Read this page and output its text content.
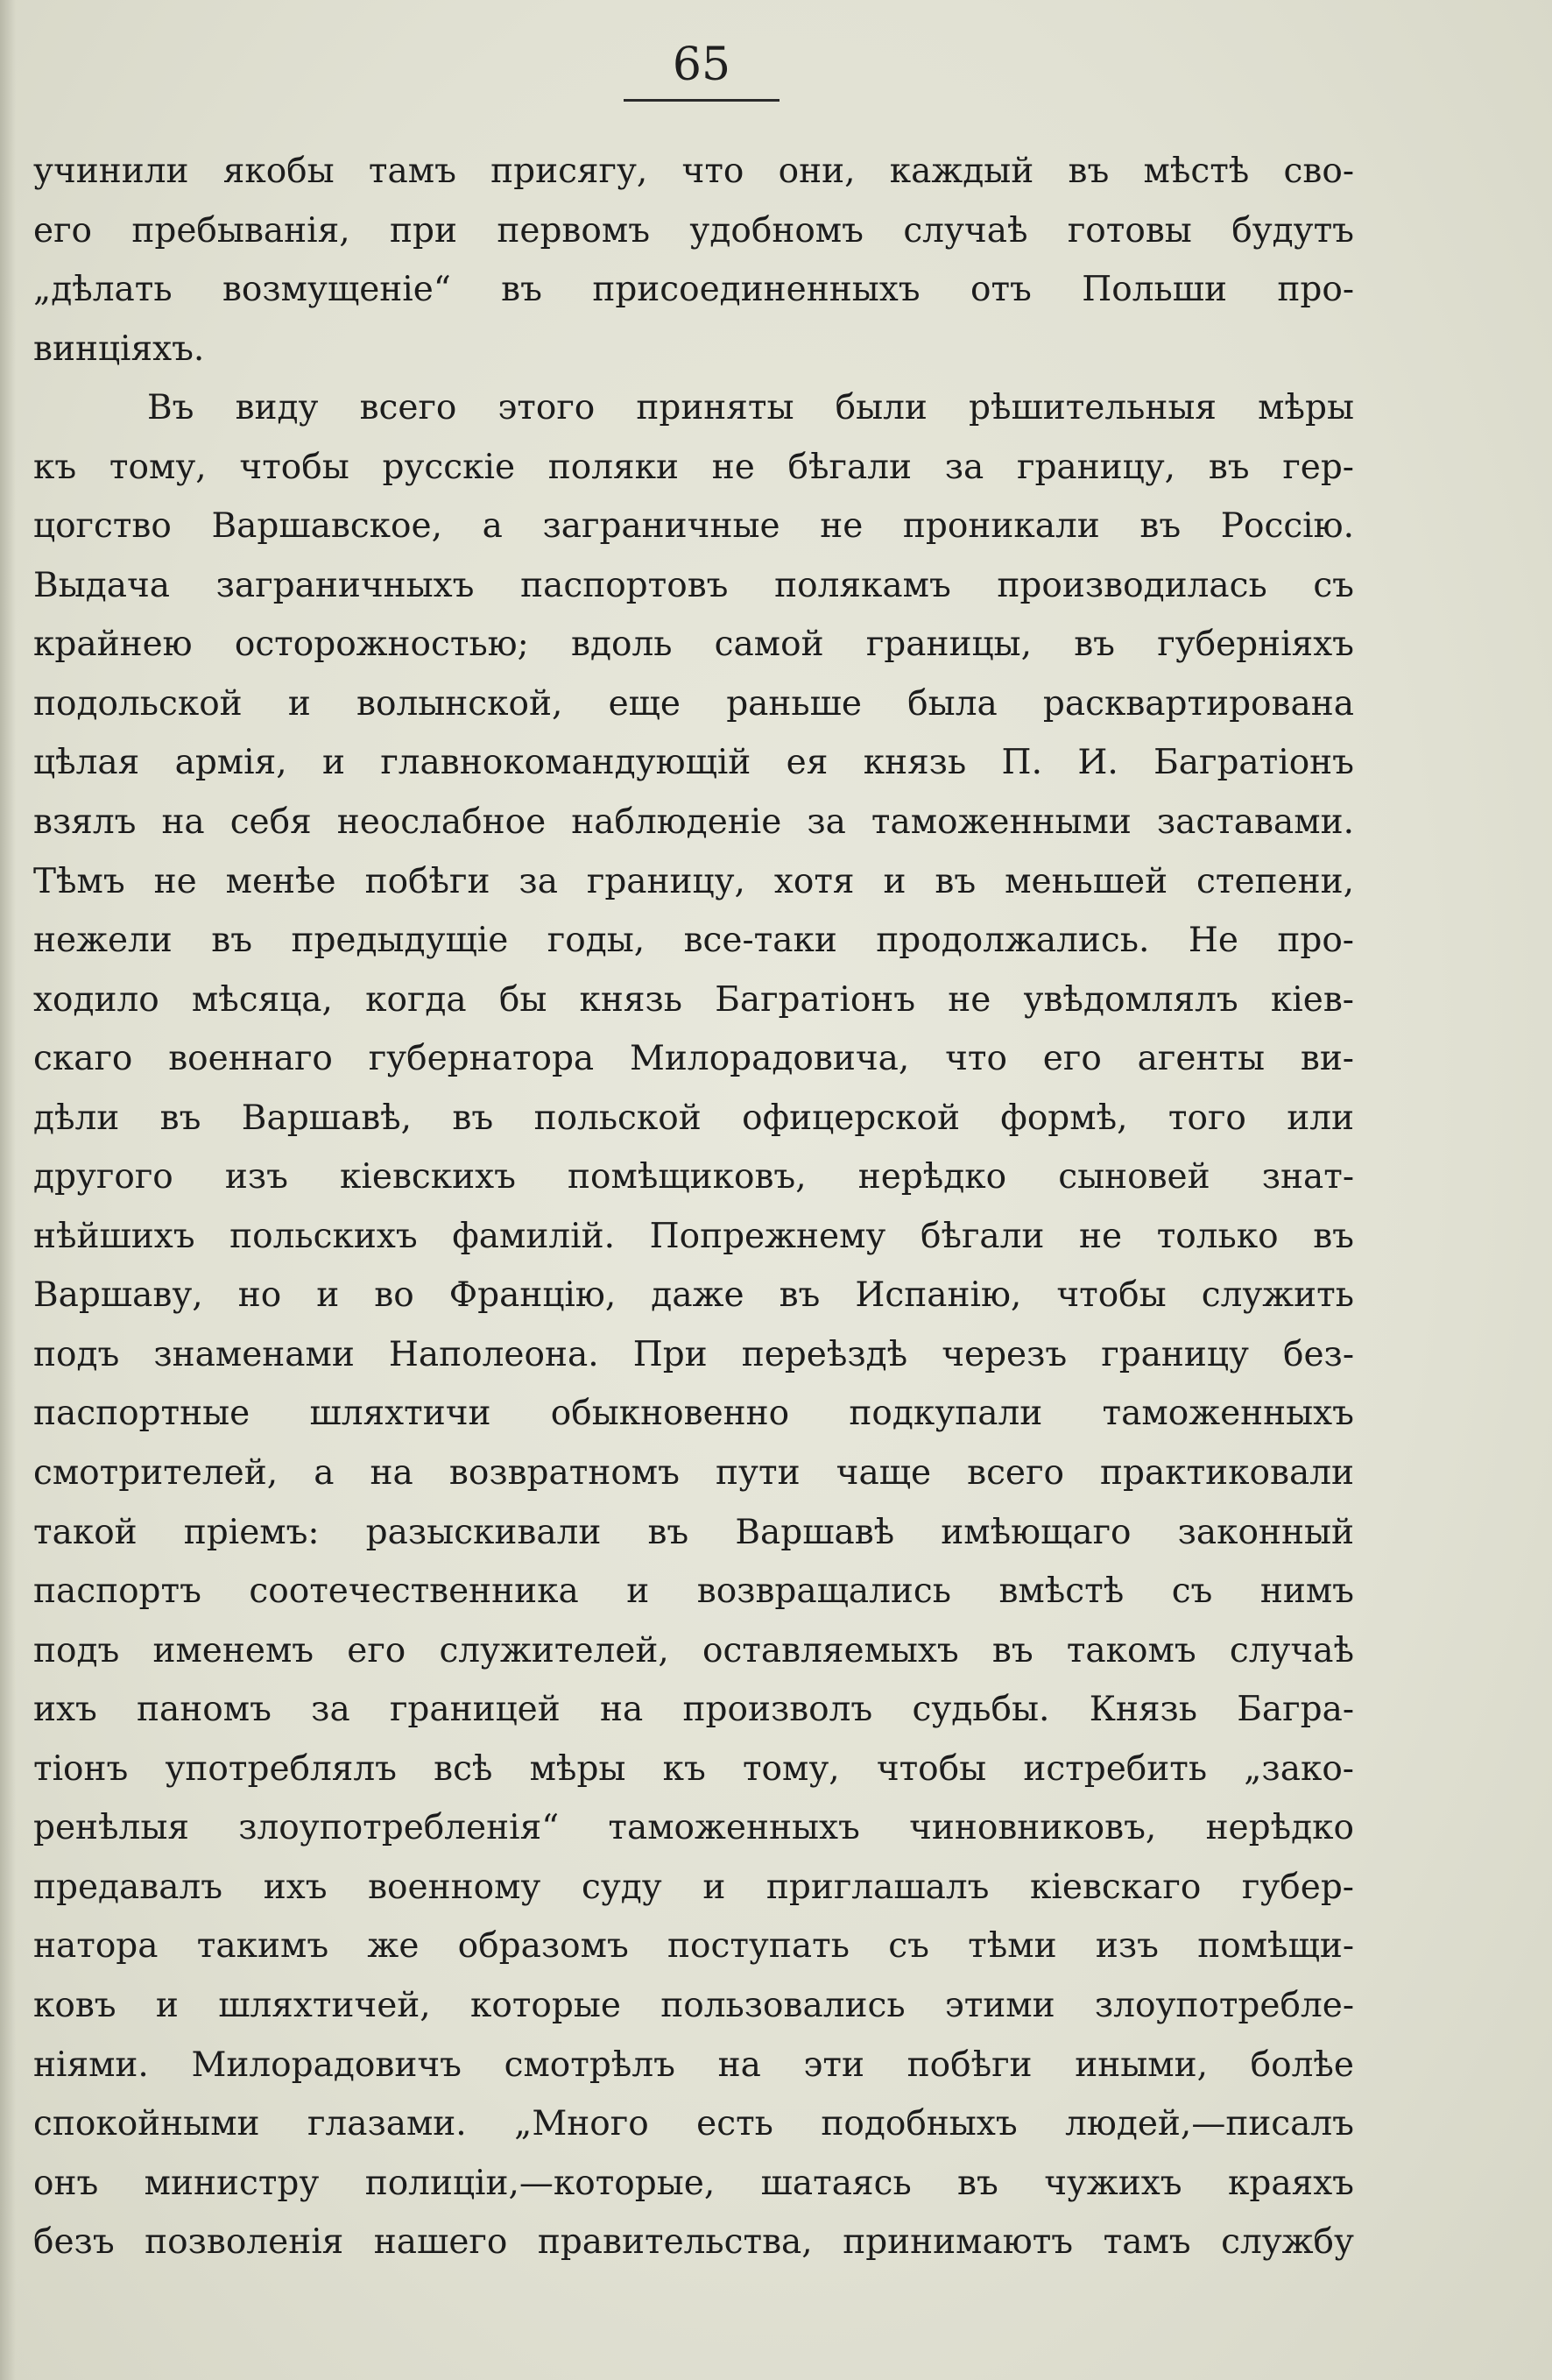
65
учинили якобы тамъ присягу, что они, каждый въ мѣстѣ сво-
его пребыванія, при первомъ удобномъ случаѣ готовы будутъ
„дѣлать возмущеніе“ въ присоединенныхъ отъ Польши про-
винціяхъ.
Въ виду всего этого приняты были рѣшительныя мѣры
къ тому, чтобы русскіе поляки не бѣгали за границу, въ гер-
цогство Варшавское, а заграничные не проникали въ Россію.
Выдача заграничныхъ паспортовъ полякамъ производилась съ
крайнею осторожностью; вдоль самой границы, въ губерніяхъ
подольской и волынской, еще раньше была расквартирована
цѣлая армія, и главнокомандующій ея князь П. И. Багратіонъ
взялъ на себя неослабное наблюденіе за таможенными заставами.
Тѣмъ не менѣе побѣги за границу, хотя и въ меньшей степени,
нежели въ предыдущіе годы, все-таки продолжались. Не про-
ходило мѣсяца, когда бы князь Багратіонъ не увѣдомлялъ кіев-
скаго военнаго губернатора Милорадовича, что его агенты ви-
дѣли въ Варшавѣ, въ польской офицерской формѣ, того или
другого изъ кіевскихъ помѣщиковъ, нерѣдко сыновей знат-
нѣйшихъ польскихъ фамилій. Попрежнему бѣгали не только въ
Варшаву, но и во Францію, даже въ Испанію, чтобы служить
подъ знаменами Наполеона. При переѣздѣ черезъ границу без-
паспортные шляхтичи обыкновенно подкупали таможенныхъ
смотрителей, а на возвратномъ пути чаще всего практиковали
такой пріемъ: разыскивали въ Варшавѣ имѣющаго законный
паспортъ соотечественника и возвращались вмѣстѣ съ нимъ
подъ именемъ его служителей, оставляемыхъ въ такомъ случаѣ
ихъ паномъ за границей на произволъ судьбы. Князь Багра-
тіонъ употреблялъ всѣ мѣры къ тому, чтобы истребить „зако-
ренѣлыя злоупотребленія“ таможенныхъ чиновниковъ, нерѣдко
предавалъ ихъ военному суду и приглашалъ кіевскаго губер-
натора такимъ же образомъ поступать съ тѣми изъ помѣщи-
ковъ и шляхтичей, которые пользовались этими злоупотребле-
ніями. Милорадовичъ смотрѣлъ на эти побѣги иными, болѣе
спокойными глазами. „Много есть подобныхъ людей,—писалъ
онъ министру полиціи,—которые, шатаясь въ чужихъ краяхъ
безъ позволенія нашего правительства, принимаютъ тамъ службу
